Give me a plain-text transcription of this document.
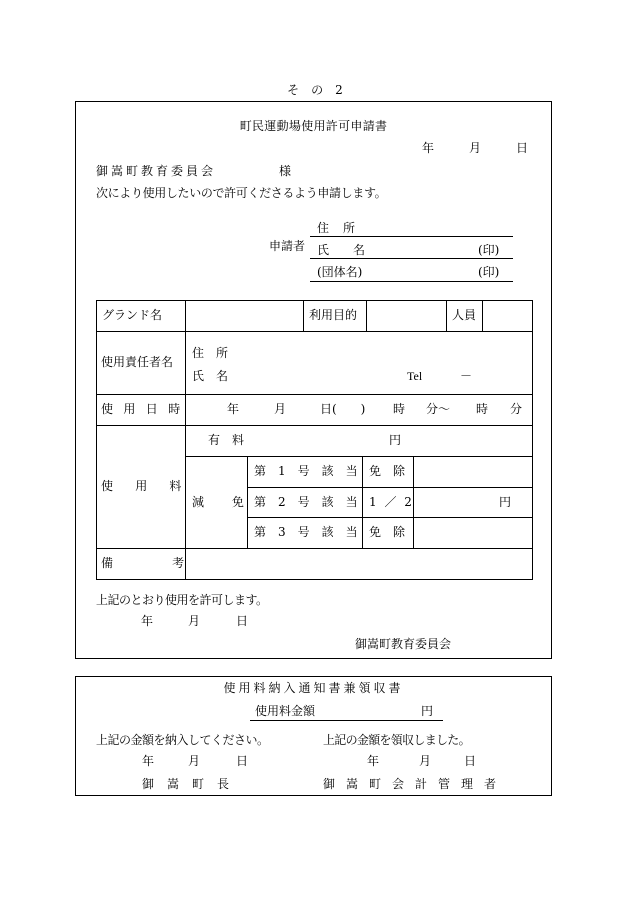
そ　の　2
町民運動場使用許可申請書
年	月	日
御嵩町教育委員会	様
次により使用したいので許可くださるよう申請します。
住　所
申請者 氏　　名	(印)
(団体名)	(印)
グランド名	利用目的	人員
使用責任者名
住　所
氏　名	Tel	－
使　用　日　時	年	月	日(　　) 時 分〜 時 分
使　　用　　料
有　料	円
減　　免
第　1　号　該　当 免　除
第　2　号　該　当 1 ／ 2	円
第　3　号　該　当 免　除
備　　考
上記のとおり使用を許可します。
年	月	日
御嵩町教育委員会
使用料納入通知書兼領収書
使用料金額	円
上記の金額を納入してください。	上記の金額を領収しました。
年	月	日	年	月	日
御　嵩　町　長	御　嵩　町　会　計　管　理　者
